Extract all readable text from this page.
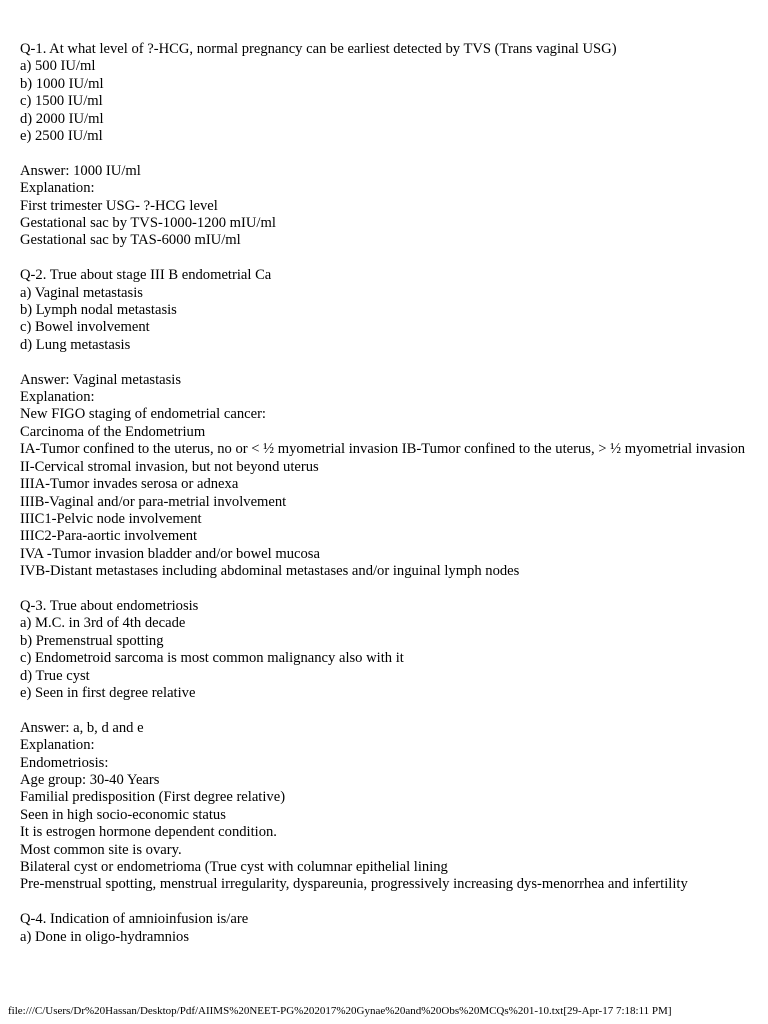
Q-1. At what level of ?-HCG, normal pregnancy can be earliest detected by TVS (Trans vaginal USG)
a) 500 IU/ml
b) 1000 IU/ml
c) 1500 IU/ml
d) 2000 IU/ml
e) 2500 IU/ml
Answer: 1000 IU/ml
Explanation:
First trimester USG- ?-HCG level
Gestational sac by TVS-1000-1200 mIU/ml
Gestational sac by TAS-6000 mIU/ml
Q-2. True about stage III B endometrial Ca
a) Vaginal metastasis
b) Lymph nodal metastasis
c) Bowel involvement
d) Lung metastasis
Answer: Vaginal metastasis
Explanation:
New FIGO staging of endometrial cancer:
Carcinoma of the Endometrium
IA-Tumor confined to the uterus, no or < ½ myometrial invasion IB-Tumor confined to the uterus, > ½ myometrial invasion
II-Cervical stromal invasion, but not beyond uterus
IIIA-Tumor invades serosa or adnexa
IIIB-Vaginal and/or para-metrial involvement
IIIC1-Pelvic node involvement
IIIC2-Para-aortic involvement
IVA -Tumor invasion bladder and/or bowel mucosa
IVB-Distant metastases including abdominal metastases and/or inguinal lymph nodes
Q-3. True about endometriosis
a) M.C. in 3rd of 4th decade
b) Premenstrual spotting
c) Endometroid sarcoma is most common malignancy also with it
d) True cyst
e) Seen in first degree relative
Answer: a, b, d and e
Explanation:
Endometriosis:
Age group: 30-40 Years
Familial predisposition (First degree relative)
Seen in high socio-economic status
It is estrogen hormone dependent condition.
Most common site is ovary.
Bilateral cyst or endometrioma (True cyst with columnar epithelial lining
Pre-menstrual spotting, menstrual irregularity, dyspareunia, progressively increasing dys-menorrhea and infertility
Q-4. Indication of amnioinfusion is/are
a) Done in oligo-hydramnios
file:///C/Users/Dr%20Hassan/Desktop/Pdf/AIIMS%20NEET-PG%202017%20Gynae%20and%20Obs%20MCQs%201-10.txt[29-Apr-17 7:18:11 PM]
